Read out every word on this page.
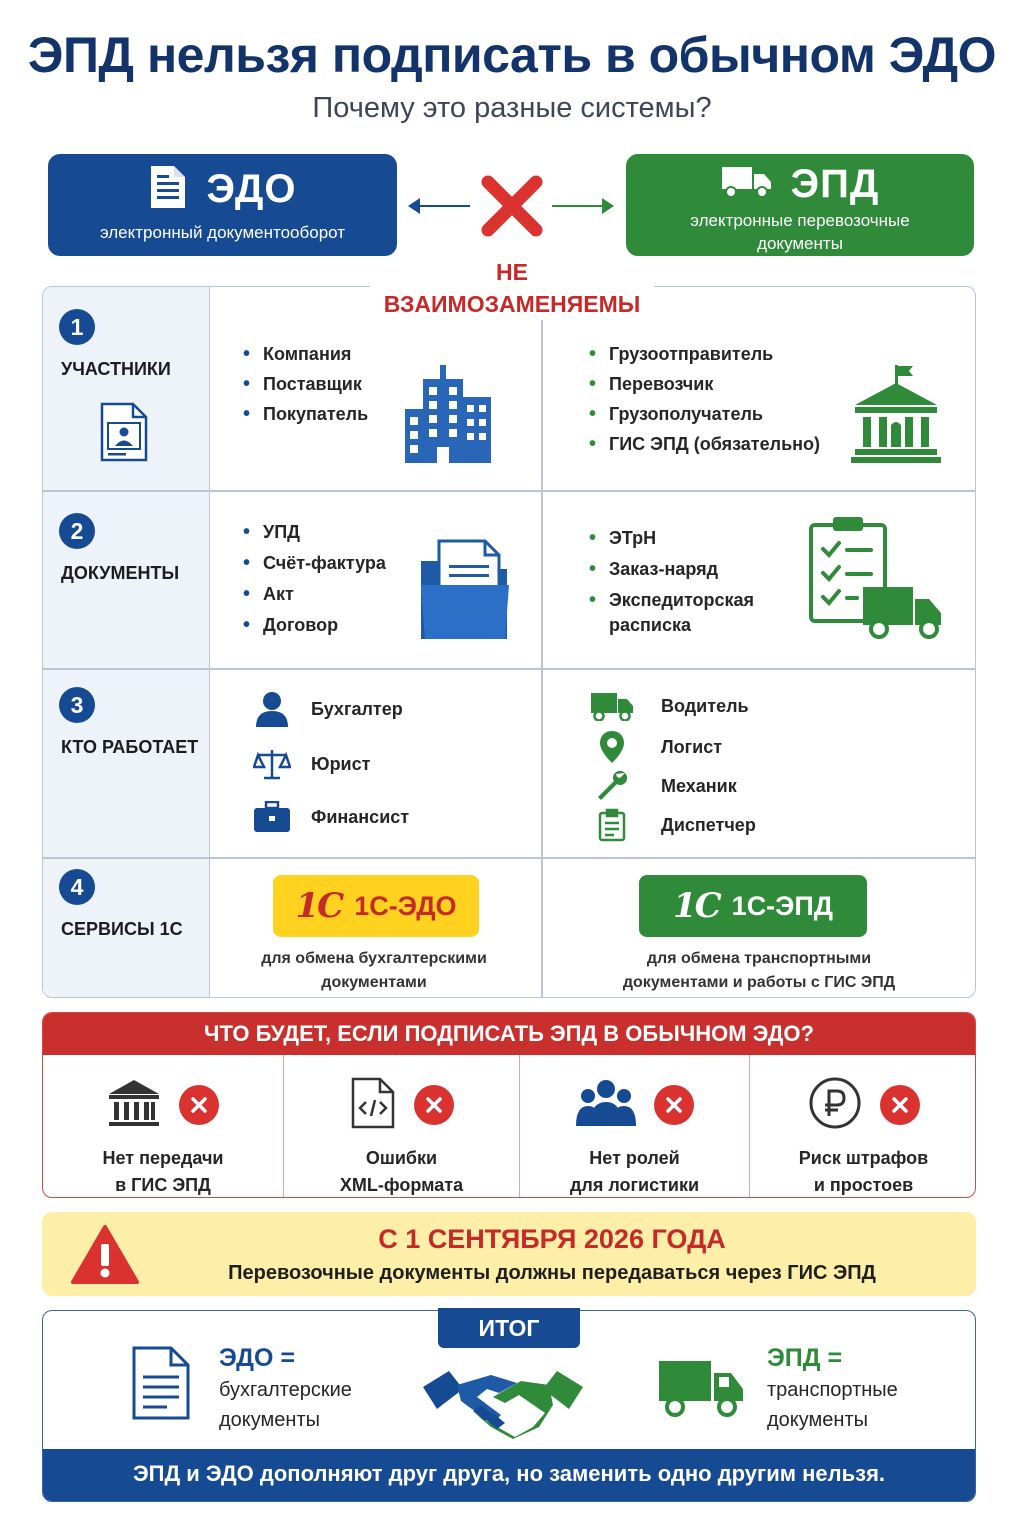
ЭПД нельзя подписать в обычном ЭДО
Почему это разные системы?
ЭДО
электронный документооборот
ЭПД
электронные перевозочные
документы
1
УЧАСТНИКИ
• Компания
• Поставщик
• Покупатель
• Грузоотправитель
• Перевозчик
• Грузополучатель
• ГИС ЭПД (обязательно)
2
ДОКУМЕНТЫ
• УПД
• Счёт-фактура
• Акт
• Договор
• ЭТрН
• Заказ-наряд
• Экспедиторская расписка
3
КТО РАБОТАЕТ
Бухгалтер
Юрист
Финансист
Водитель
Логист
Механик
Диспетчер
4
СЕРВИСЫ 1С
1С 1С-ЭДО
для обмена бухгалтерскими
документами
1С 1С-ЭПД
для обмена транспортными
документами и работы с ГИС ЭПД
НЕ
ВЗАИМОЗАМЕНЯЕМЫ
ЧТО БУДЕТ, ЕСЛИ ПОДПИСАТЬ ЭПД В ОБЫЧНОМ ЭДО?
Нет передачи
в ГИС ЭПД
Ошибки
XML-формата
Нет ролей
для логистики
Риск штрафов
и простоев
С 1 СЕНТЯБРЯ 2026 ГОДА
Перевозочные документы должны передаваться через ГИС ЭПД
ЭДО =
бухгалтерские
документы
ЭПД =
транспортные
документы
ЭПД и ЭДО дополняют друг друга, но заменить одно другим нельзя.
ИТОГ
